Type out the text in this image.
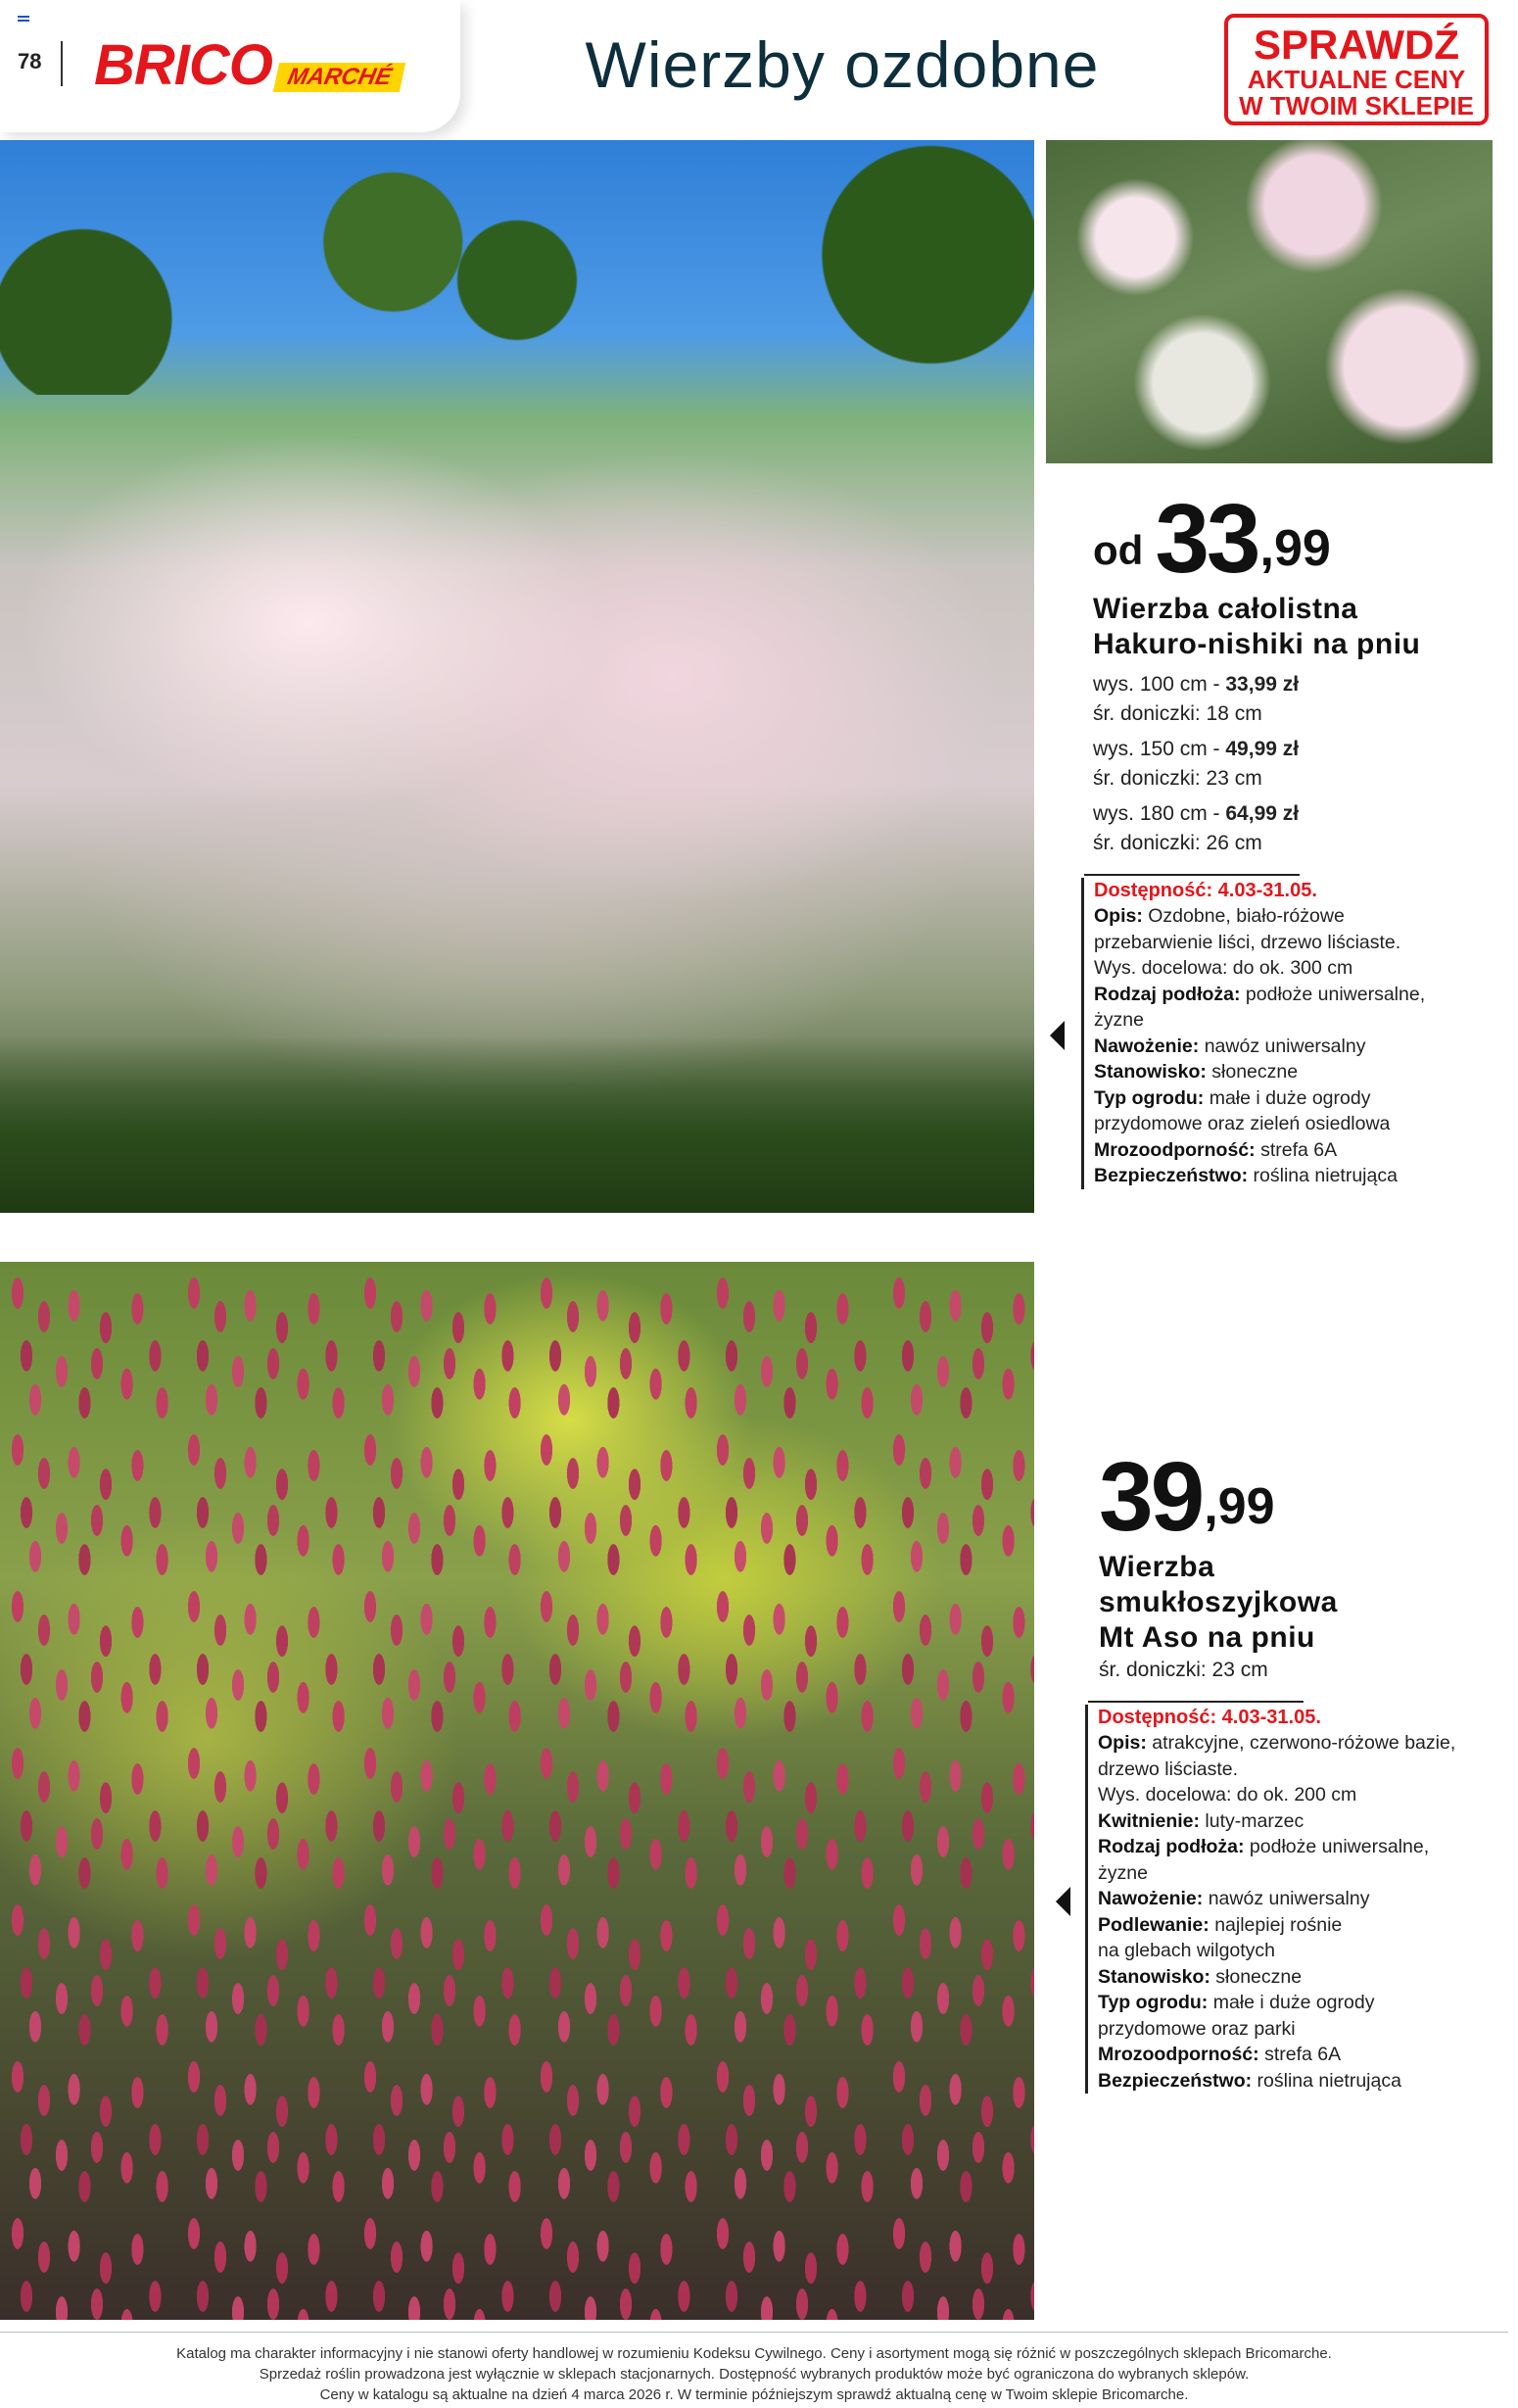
78 BRICO MARCHÉ	Wierzby ozdobne	SPRAWDŹ
AKTUALNE CENY
W TWOIM SKLEPIE
od 33 ,99
Wierzba całolistna
Hakuro-nishiki na pniu
wys. 100 cm - 33,99 zł
śr. doniczki: 18 cm
wys. 150 cm - 49,99 zł
śr. doniczki: 23 cm
wys. 180 cm - 64,99 zł
śr. doniczki: 26 cm
Dostępność: 4.03-31.05.
Opis: Ozdobne, biało-różowe
przebarwienie liści, drzewo liściaste.
Wys. docelowa: do ok. 300 cm
Rodzaj podłoża: podłoże uniwersalne,
żyzne
Nawożenie: nawóz uniwersalny
Stanowisko: słoneczne
Typ ogrodu: małe i duże ogrody
przydomowe oraz zieleń osiedlowa
Mrozoodporność: strefa 6A
Bezpieczeństwo: roślina nietrująca
39 ,99
Wierzba
smukłoszyjkowa
Mt Aso na pniu
śr. doniczki: 23 cm
Dostępność: 4.03-31.05.
Opis: atrakcyjne, czerwono-różowe bazie,
drzewo liściaste.
Wys. docelowa: do ok. 200 cm
Kwitnienie: luty-marzec
Rodzaj podłoża: podłoże uniwersalne,
żyzne
Nawożenie: nawóz uniwersalny
Podlewanie: najlepiej rośnie
na glebach wilgotych
Stanowisko: słoneczne
Typ ogrodu: małe i duże ogrody
przydomowe oraz parki
Mrozoodporność: strefa 6A
Bezpieczeństwo: roślina nietrująca
Katalog ma charakter informacyjny i nie stanowi oferty handlowej w rozumieniu Kodeksu Cywilnego. Ceny i asortyment mogą się różnić w poszczególnych sklepach Bricomarche.
Sprzedaż roślin prowadzona jest wyłącznie w sklepach stacjonarnych. Dostępność wybranych produktów może być ograniczona do wybranych sklepów.
Ceny w katalogu są aktualne na dzień 4 marca 2026 r. W terminie późniejszym sprawdź aktualną cenę w Twoim sklepie Bricomarche.
